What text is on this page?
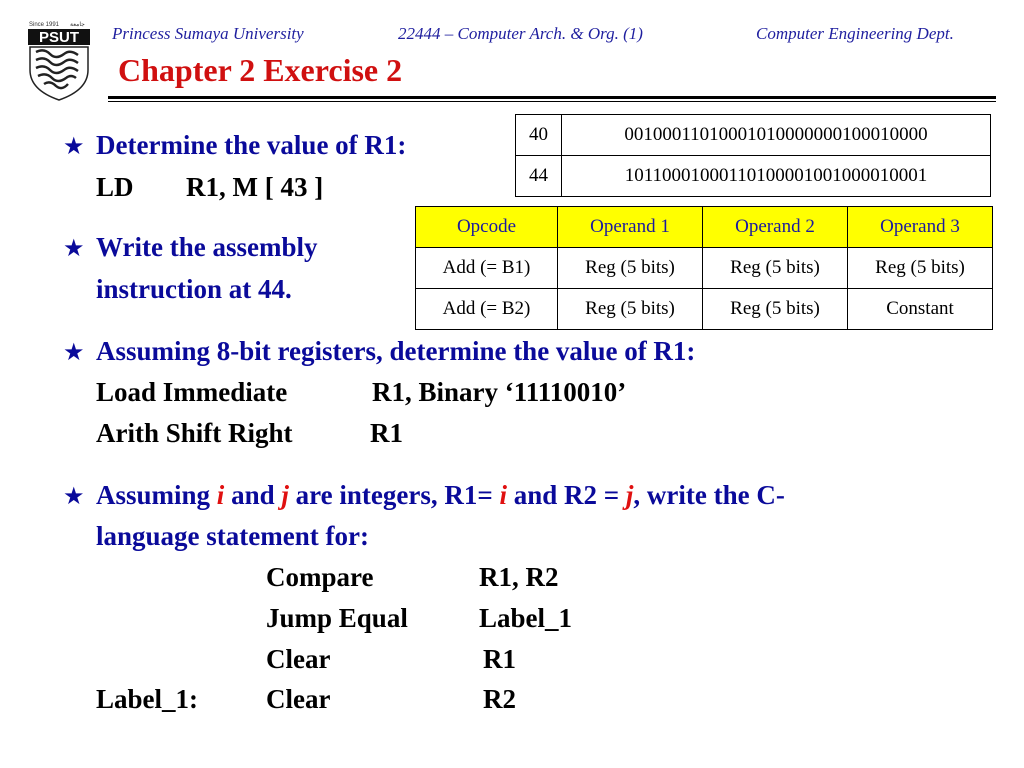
Since 1991 جامعة
PSUT Princess Sumaya University	22444 – Computer Arch. & Org. (1)	Computer Engineering Dept.
Chapter 2 Exercise 2
40	00100011010001010000000100010000
44	10110001000110100001001000010001
Opcode	Operand 1	Operand 2	Operand 3
Add (= B1)	Reg (5 bits)	Reg (5 bits)	Reg (5 bits)
Add (= B2)	Reg (5 bits)	Reg (5 bits)	Constant
★ Determine the value of R1:
LD R1, M [ 43 ]
★ Write the assembly
instruction at 44.
★ Assuming 8-bit registers, determine the value of R1:
Load Immediate	R1, Binary ‘11110010’
Arith Shift Right	R1
★ Assuming i and j are integers, R1= i and R2 = j, write the C-
language statement for:
Compare	R1, R2
Jump Equal	Label_1
Clear	R1
Label_1:	Clear	R2
